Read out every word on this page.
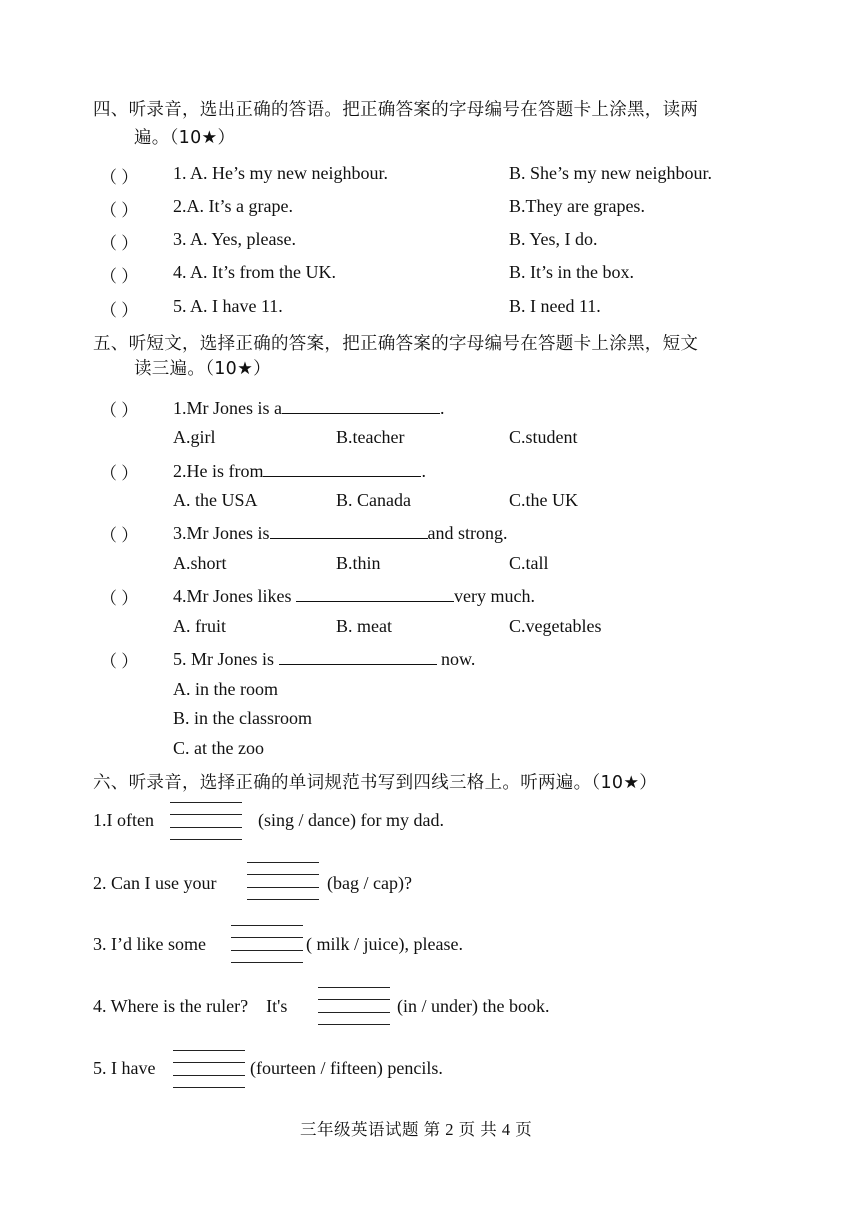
四、听录音，选出正确的答语。把正确答案的字母编号在答题卡上涂黑，读两
遍。（10★）
（ ） 1. A. He’s my new neighbour.	B. She’s my new neighbour.
（ ） 2.A. It’s a grape.	B.They are grapes.
（ ） 3. A. Yes, please.	B. Yes, I do.
（ ） 4. A. It’s from the UK.	B. It’s in the box.
（ ） 5. A. I have 11.	B. I need 11.
五、听短文，选择正确的答案，把正确答案的字母编号在答题卡上涂黑，短文
读三遍。（10★）
（ ） 1.Mr Jones is a	.
A.girl	B.teacher	C.student
（ ） 2.He is from	.
A. the USA	B. Canada	C.the UK
（ ） 3.Mr Jones is	and strong.
A.short	B.thin	C.tall
（ ） 4.Mr Jones likes	very much.
A. fruit	B. meat	C.vegetables
（ ） 5. Mr Jones is	now.
A. in the room
B. in the classroom
C. at the zoo
六、听录音，选择正确的单词规范书写到四线三格上。听两遍。（10★）
1.I often	(sing / dance) for my dad.
2. Can I use your	(bag / cap)?
3. I’d like some	( milk / juice), please.
4. Where is the ruler?    It's	(in / under) the book.
5. I have	(fourteen / fifteen) pencils.
三年级英语试题 第 2 页 共 4 页
